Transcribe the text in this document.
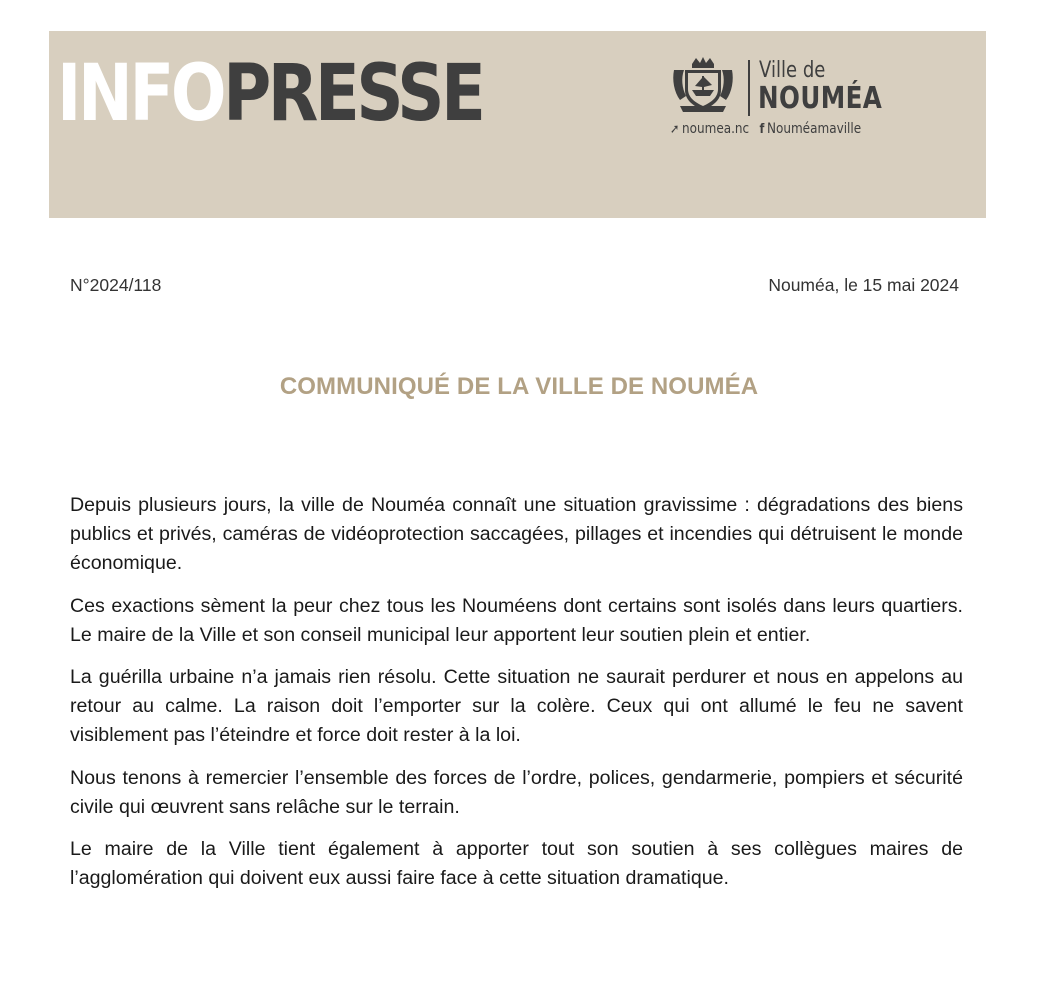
INFO PRESSE	Ville de
NOUMÉA
➚ noumea.nc f Nouméamaville
N°2024/118	Nouméa, le 15 mai 2024
COMMUNIQUÉ DE LA VILLE DE NOUMÉA

Depuis plusieurs jours, la ville de Nouméa connaît une situation gravissime : dégradations des biens publics et privés, caméras de vidéoprotection saccagées, pillages et incendies qui détruisent le monde économique.

Ces exactions sèment la peur chez tous les Nouméens dont certains sont isolés dans leurs quartiers. Le maire de la Ville et son conseil municipal leur apportent leur soutien plein et entier.

La guérilla urbaine n’a jamais rien résolu. Cette situation ne saurait perdurer et nous en appelons au retour au calme. La raison doit l’emporter sur la colère. Ceux qui ont allumé le feu ne savent visiblement pas l’éteindre et force doit rester à la loi.

Nous tenons à remercier l’ensemble des forces de l’ordre, polices, gendarmerie, pompiers et sécurité civile qui œuvrent sans relâche sur le terrain.

Le maire de la Ville tient également à apporter tout son soutien à ses collègues maires de l’agglomération qui doivent eux aussi faire face à cette situation dramatique.
